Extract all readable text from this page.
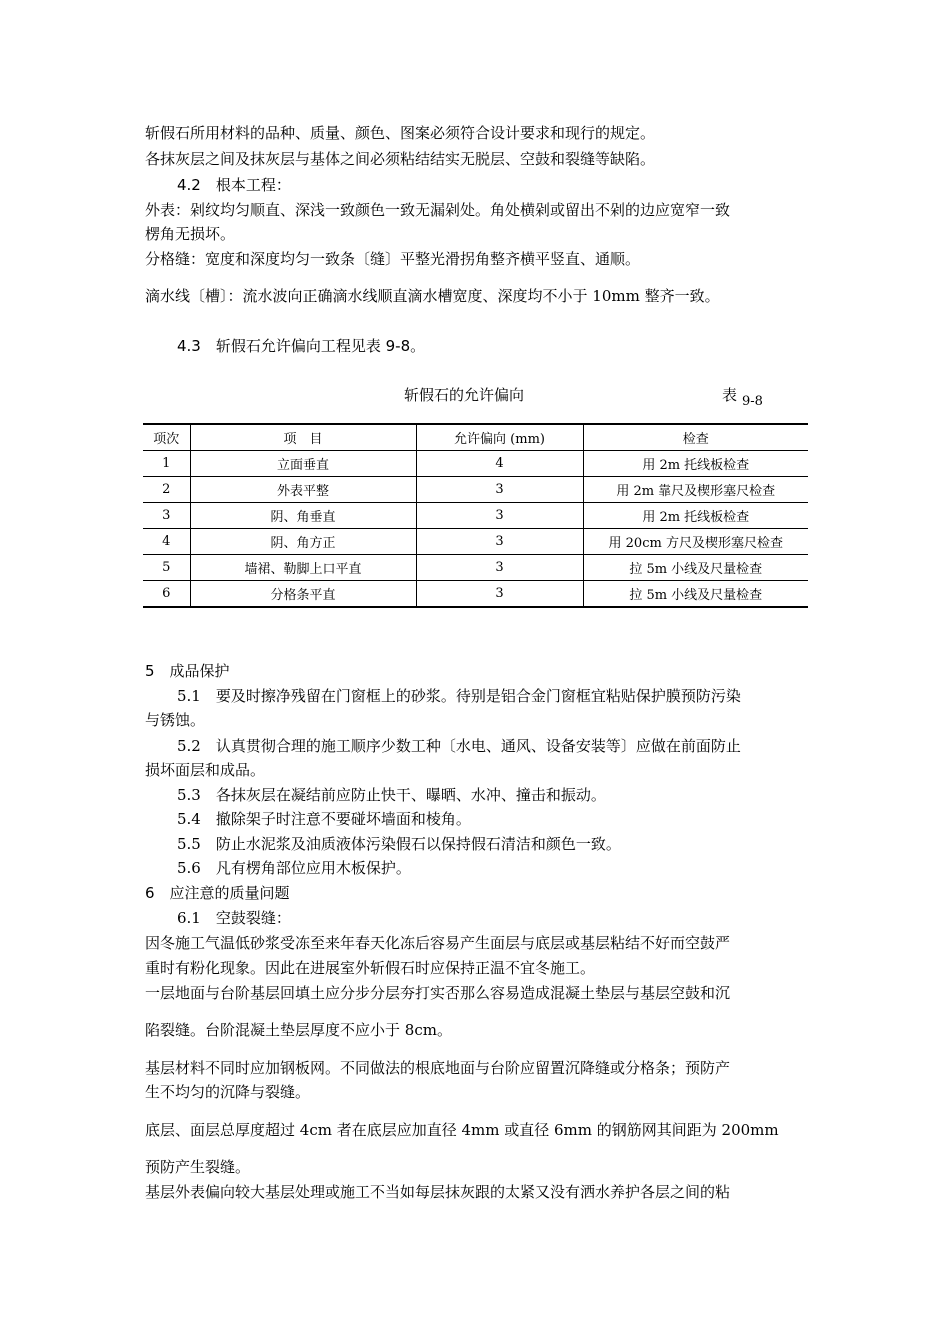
斩假石所用材料的品种、质量、颜色、图案必须符合设计要求和现行的规定。
各抹灰层之间及抹灰层与基体之间必须粘结结实无脱层、空鼓和裂缝等缺陷。
4.2　根本工程：
外表：剁纹均匀顺直、深浅一致颜色一致无漏剁处。角处横剁或留出不剁的边应宽窄一致
楞角无损坏。
分格缝：宽度和深度均匀一致条〔缝〕平整光滑拐角整齐横平竖直、通顺。
滴水线〔槽〕：流水波向正确滴水线顺直滴水槽宽度、深度均不小于 10mm 整齐一致。
4.3　斩假石允许偏向工程见表 9-8。
斩假石的允许偏向	表 9-8
项次	项　目	允许偏向 (mm)	检查
1	立面垂直	4	用 2m 托线板检查
2	外表平整	3	用 2m 靠尺及楔形塞尺检查
3	阴、角垂直	3	用 2m 托线板检查
4	阴、角方正	3	用 20cm 方尺及楔形塞尺检查
5	墙裙、勒脚上口平直	3	拉 5m 小线及尺量检查
6	分格条平直	3	拉 5m 小线及尺量检查
5　成品保护
5.1　要及时擦净残留在门窗框上的砂浆。待别是铝合金门窗框宜粘贴保护膜预防污染
与锈蚀。
5.2　认真贯彻合理的施工顺序少数工种〔水电、通风、设备安装等〕应做在前面防止
损坏面层和成品。
5.3　各抹灰层在凝结前应防止快干、曝晒、水冲、撞击和振动。
5.4　撤除架子时注意不要碰坏墙面和棱角。
5.5　防止水泥浆及油质液体污染假石以保持假石清洁和颜色一致。
5.6　凡有楞角部位应用木板保护。
6　应注意的质量问题
6.1　空鼓裂缝：
因冬施工气温低砂浆受冻至来年春天化冻后容易产生面层与底层或基层粘结不好而空鼓严
重时有粉化现象。因此在进展室外斩假石时应保持正温不宜冬施工。
一层地面与台阶基层回填土应分步分层夯打实否那么容易造成混凝土垫层与基层空鼓和沉
陷裂缝。台阶混凝土垫层厚度不应小于 8cm。
基层材料不同时应加钢板网。不同做法的根底地面与台阶应留置沉降缝或分格条；预防产
生不均匀的沉降与裂缝。
底层、面层总厚度超过 4cm 者在底层应加直径 4mm 或直径 6mm 的钢筋网其间距为 200mm
预防产生裂缝。
基层外表偏向较大基层处理或施工不当如每层抹灰跟的太紧又没有洒水养护各层之间的粘
